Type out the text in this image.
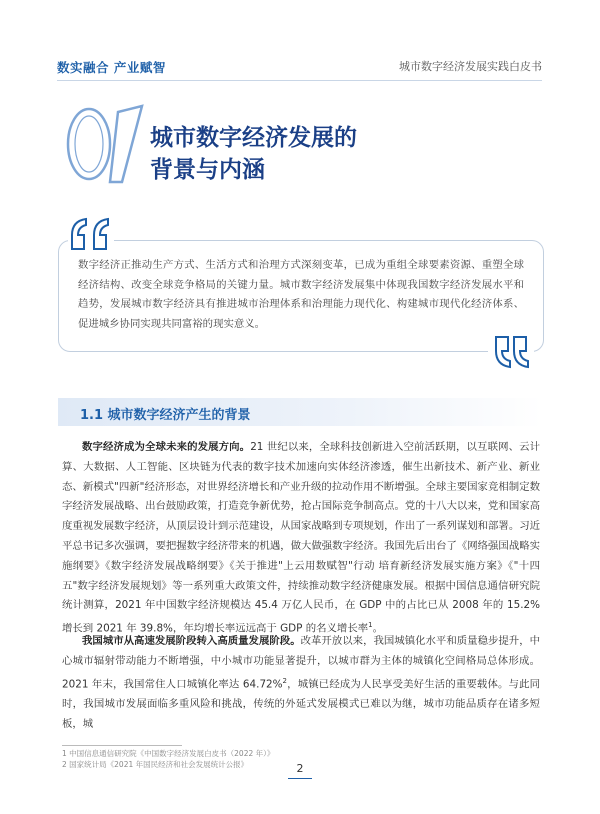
数实融合 产业赋智	城市数字经济发展实践白皮书
01
城市数字经济发展的
背景与内涵
数字经济正推动生产方式、生活方式和治理方式深刻变革，已成为重组全球要素资源、重塑全球经济结构、改变全球竞争格局的关键力量。城市数字经济发展集中体现我国数字经济发展水平和趋势，发展城市数字经济具有推进城市治理体系和治理能力现代化、构建城市现代化经济体系、促进城乡协同实现共同富裕的现实意义。
1.1 城市数字经济产生的背景

数字经济成为全球未来的发展方向。21 世纪以来，全球科技创新进入空前活跃期，以互联网、云计算、大数据、人工智能、区块链为代表的数字技术加速向实体经济渗透，催生出新技术、新产业、新业态、新模式"四新"经济形态，对世界经济增长和产业升级的拉动作用不断增强。全球主要国家竞相制定数字经济发展战略、出台鼓励政策，打造竞争新优势，抢占国际竞争制高点。党的十八大以来，党和国家高度重视发展数字经济，从顶层设计到示范建设，从国家战略到专项规划，作出了一系列谋划和部署。习近平总书记多次强调，要把握数字经济带来的机遇，做大做强数字经济。我国先后出台了《网络强国战略实施纲要》《数字经济发展战略纲要》《关于推进"上云用数赋智"行动 培育新经济发展实施方案》《"十四五"数字经济发展规划》等一系列重大政策文件，持续推动数字经济健康发展。根据中国信息通信研究院统计测算，2021 年中国数字经济规模达 45.4 万亿人民币，在 GDP 中的占比已从 2008 年的 15.2% 增长到 2021 年 39.8%，年均增长率远远高于 GDP 的名义增长率$^1$。

我国城市从高速发展阶段转入高质量发展阶段。改革开放以来，我国城镇化水平和质量稳步提升，中心城市辐射带动能力不断增强，中小城市功能显著提升，以城市群为主体的城镇化空间格局总体形成。2021 年末，我国常住人口城镇化率达 64.72%$^2$，城镇已经成为人民享受美好生活的重要载体。与此同时，我国城市发展面临多重风险和挑战，传统的外延式发展模式已难以为继，城市功能品质存在诸多短板，城

1 中国信息通信研究院《中国数字经济发展白皮书（2022 年）》
2 国家统计局《2021 年国民经济和社会发展统计公报》	2
